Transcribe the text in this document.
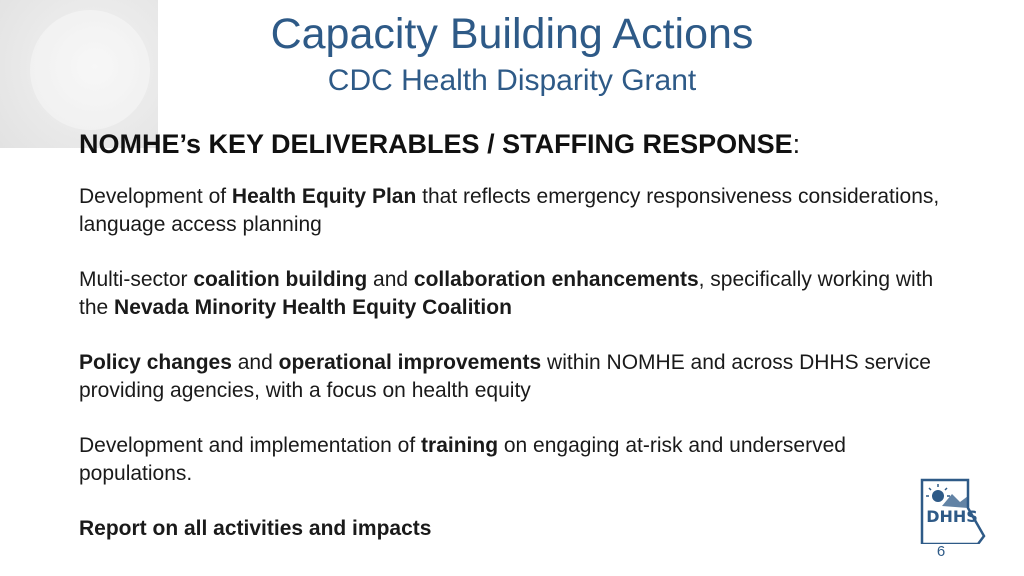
Capacity Building Actions
CDC Health Disparity Grant
NOMHE’s KEY DELIVERABLES / STAFFING RESPONSE:
Development of Health Equity Plan that reflects emergency responsiveness considerations, language access planning
Multi-sector coalition building and collaboration enhancements, specifically working with the Nevada Minority Health Equity Coalition
Policy changes and operational improvements within NOMHE and across DHHS service providing agencies, with a focus on health equity
Development and implementation of training on engaging at-risk and underserved populations.
Report on all activities and impacts
DHHS
6
